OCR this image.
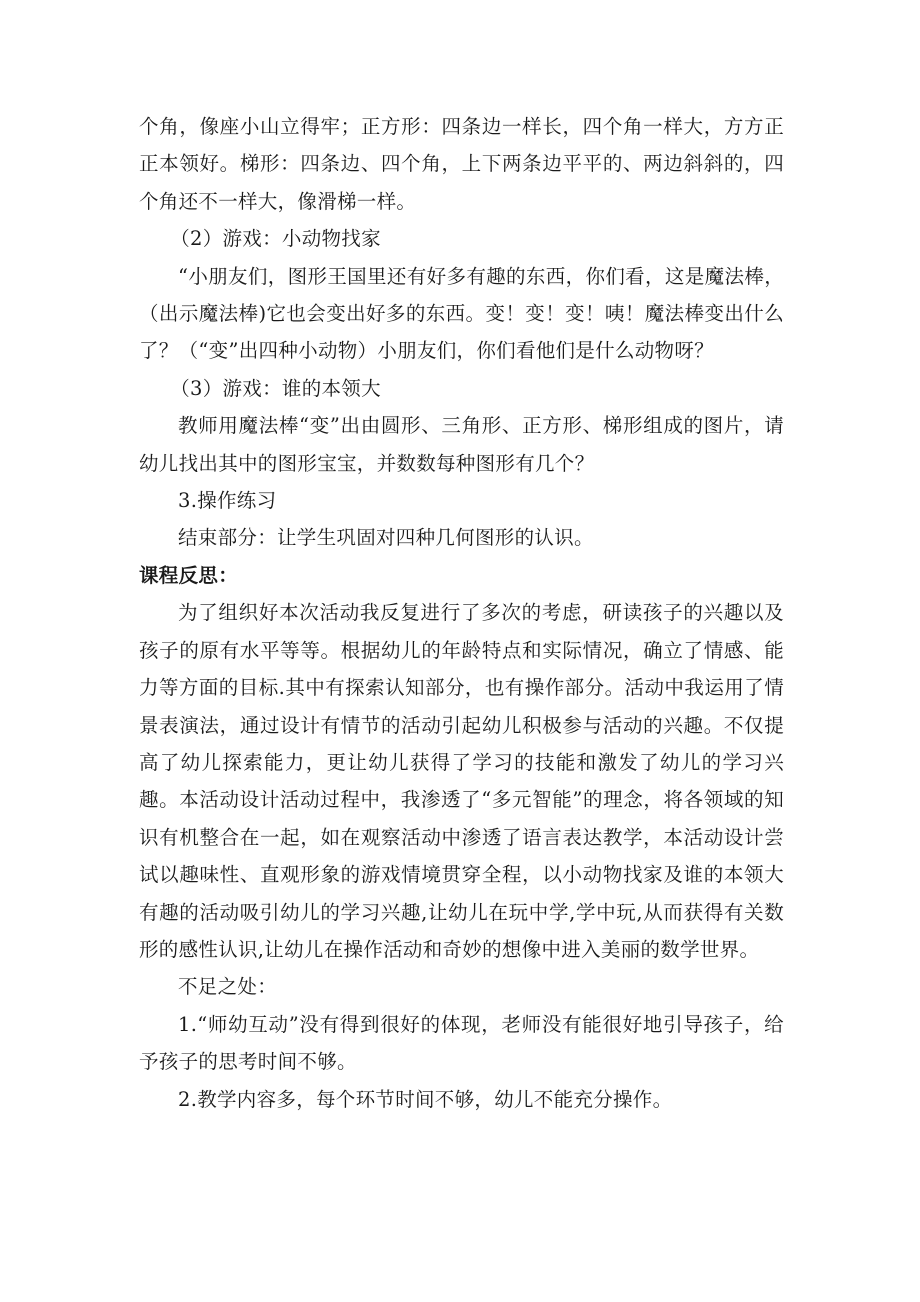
个角，像座小山立得牢；正方形：四条边一样长，四个角一样大，方方正正本领好。梯形：四条边、四个角，上下两条边平平的、两边斜斜的，四个角还不一样大，像滑梯一样。

（2）游戏：小动物找家

“小朋友们，图形王国里还有好多有趣的东西，你们看，这是魔法棒，（出示魔法棒)它也会变出好多的东西。变！变！变！咦！魔法棒变出什么了？（“变”出四种小动物）小朋友们，你们看他们是什么动物呀？

（3）游戏：谁的本领大

教师用魔法棒“变”出由圆形、三角形、正方形、梯形组成的图片，请幼儿找出其中的图形宝宝，并数数每种图形有几个？

3.操作练习

结束部分：让学生巩固对四种几何图形的认识。

课程反思：

为了组织好本次活动我反复进行了多次的考虑，研读孩子的兴趣以及孩子的原有水平等等。根据幼儿的年龄特点和实际情况，确立了情感、能力等方面的目标.其中有探索认知部分，也有操作部分。活动中我运用了情景表演法，通过设计有情节的活动引起幼儿积极参与活动的兴趣。不仅提高了幼儿探索能力，更让幼儿获得了学习的技能和激发了幼儿的学习兴趣。本活动设计活动过程中，我渗透了“多元智能”的理念，将各领域的知识有机整合在一起，如在观察活动中渗透了语言表达教学，本活动设计尝试以趣味性、直观形象的游戏情境贯穿全程，以小动物找家及谁的本领大有趣的活动吸引幼儿的学习兴趣,让幼儿在玩中学,学中玩,从而获得有关数形的感性认识,让幼儿在操作活动和奇妙的想像中进入美丽的数学世界。

不足之处：

1.“师幼互动”没有得到很好的体现，老师没有能很好地引导孩子，给予孩子的思考时间不够。

2.教学内容多，每个环节时间不够，幼儿不能充分操作。
